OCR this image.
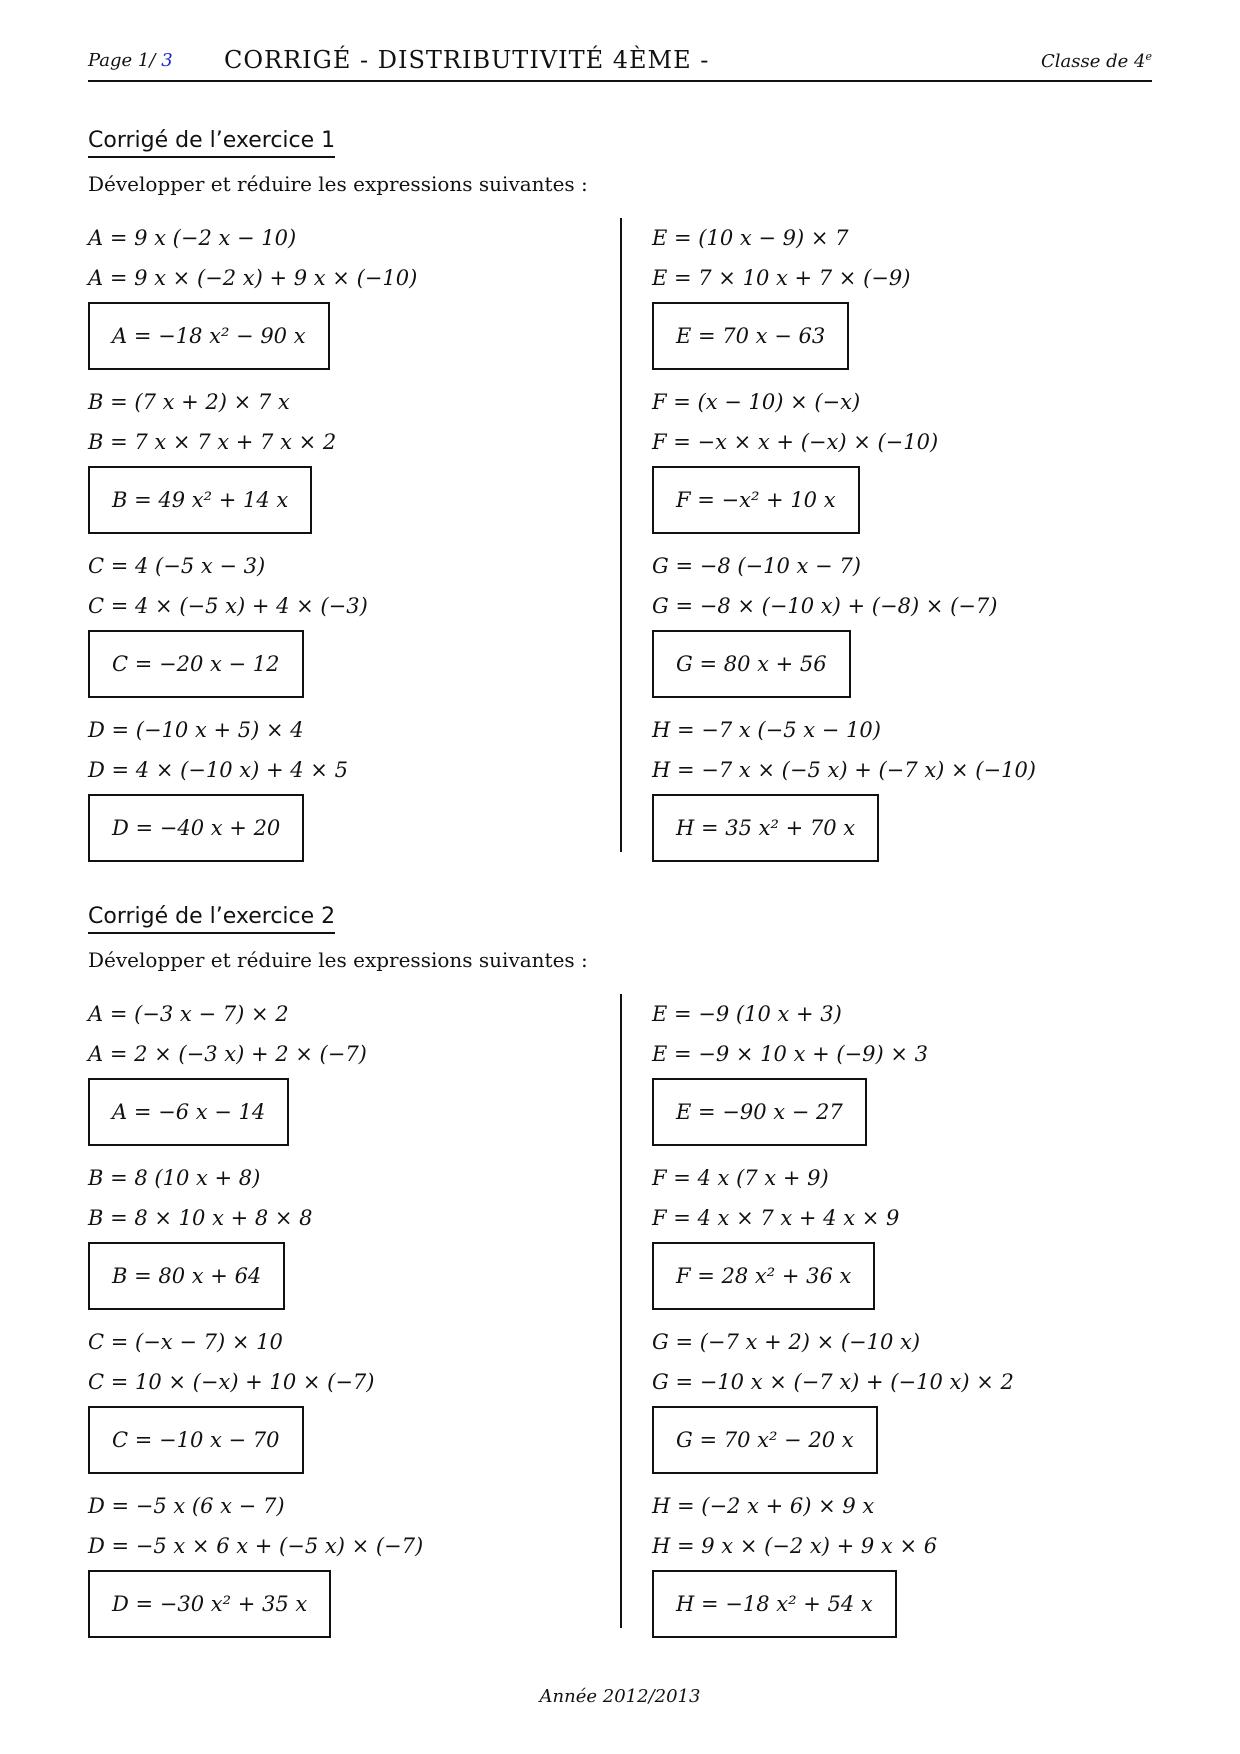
Page 1/ 3 CORRIGÉ - DISTRIBUTIVITÉ 4ÈME -	Classe de 4e
Corrigé de l’exercice 1
Développer et réduire les expressions suivantes :
A = 9 x (−2 x − 10)
A = 9 x × (−2 x) + 9 x × (−10)
A = −18 x² − 90 x
B = (7 x + 2) × 7 x
B = 7 x × 7 x + 7 x × 2
B = 49 x² + 14 x
C = 4 (−5 x − 3)
C = 4 × (−5 x) + 4 × (−3)
C = −20 x − 12
D = (−10 x + 5) × 4
D = 4 × (−10 x) + 4 × 5
D = −40 x + 20
E = (10 x − 9) × 7
E = 7 × 10 x + 7 × (−9)
E = 70 x − 63
F = (x − 10) × (−x)
F = −x × x + (−x) × (−10)
F = −x² + 10 x
G = −8 (−10 x − 7)
G = −8 × (−10 x) + (−8) × (−7)
G = 80 x + 56
H = −7 x (−5 x − 10)
H = −7 x × (−5 x) + (−7 x) × (−10)
H = 35 x² + 70 x
Corrigé de l’exercice 2
Développer et réduire les expressions suivantes :
A = (−3 x − 7) × 2
A = 2 × (−3 x) + 2 × (−7)
A = −6 x − 14
B = 8 (10 x + 8)
B = 8 × 10 x + 8 × 8
B = 80 x + 64
C = (−x − 7) × 10
C = 10 × (−x) + 10 × (−7)
C = −10 x − 70
D = −5 x (6 x − 7)
D = −5 x × 6 x + (−5 x) × (−7)
D = −30 x² + 35 x
E = −9 (10 x + 3)
E = −9 × 10 x + (−9) × 3
E = −90 x − 27
F = 4 x (7 x + 9)
F = 4 x × 7 x + 4 x × 9
F = 28 x² + 36 x
G = (−7 x + 2) × (−10 x)
G = −10 x × (−7 x) + (−10 x) × 2
G = 70 x² − 20 x
H = (−2 x + 6) × 9 x
H = 9 x × (−2 x) + 9 x × 6
H = −18 x² + 54 x
Année 2012/2013
